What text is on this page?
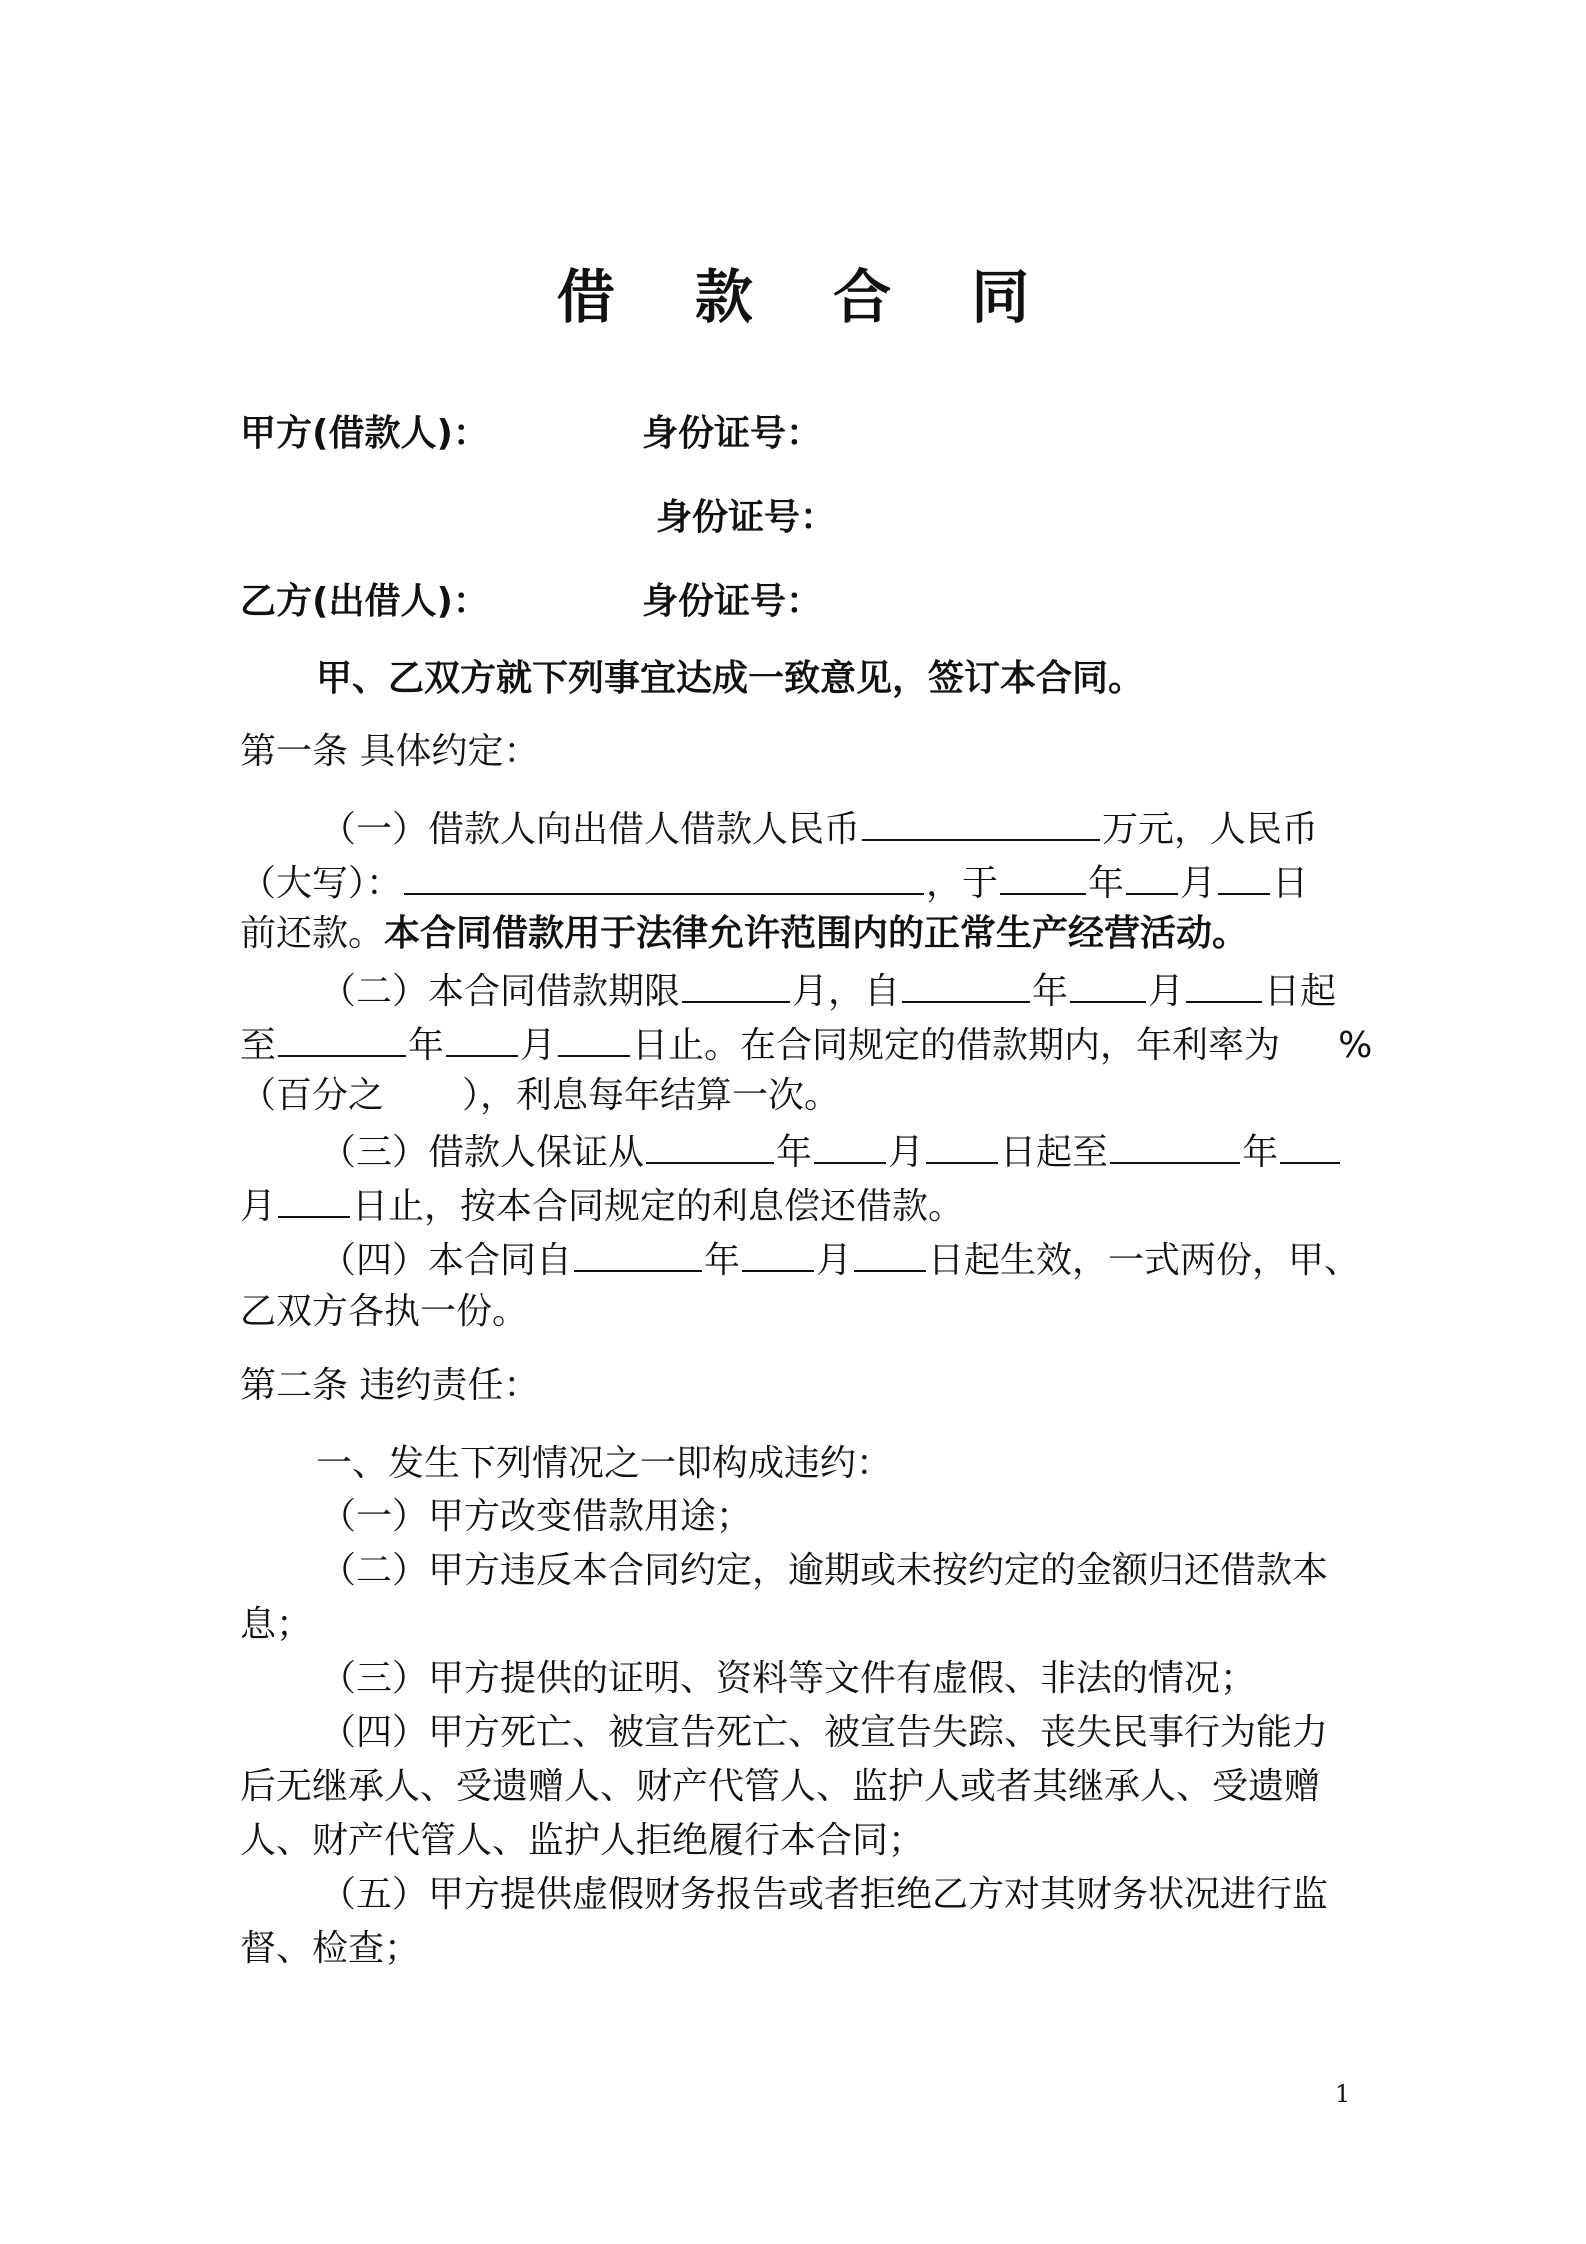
借 款 合 同
甲方(借款人)：	身份证号：
身份证号：
乙方(出借人)：	身份证号：
甲、乙双方就下列事宜达成一致意见，签订本合同。
第一条 具体约定：
（一）借款人向出借人借款人民币	万元，人民币
（大写）：	，于	年 月 日
前还款。本合同借款用于法律允许范围内的正常生产经营活动。
（二）本合同借款期限	月，自	年 月 日起
至	年 月 日止。在合同规定的借款期内，年利率为 %
（百分之 ），利息每年结算一次。
（三）借款人保证从	年 月 日起至	年
月 日止，按本合同规定的利息偿还借款。
（四）本合同自	年 月 日起生效，一式两份，甲、
乙双方各执一份。
第二条 违约责任：
一、发生下列情况之一即构成违约：
（一）甲方改变借款用途；
（二）甲方违反本合同约定，逾期或未按约定的金额归还借款本
息；
（三）甲方提供的证明、资料等文件有虚假、非法的情况；
（四）甲方死亡、被宣告死亡、被宣告失踪、丧失民事行为能力
后无继承人、受遗赠人、财产代管人、监护人或者其继承人、受遗赠
人、财产代管人、监护人拒绝履行本合同；
（五）甲方提供虚假财务报告或者拒绝乙方对其财务状况进行监
督、检查；
1
